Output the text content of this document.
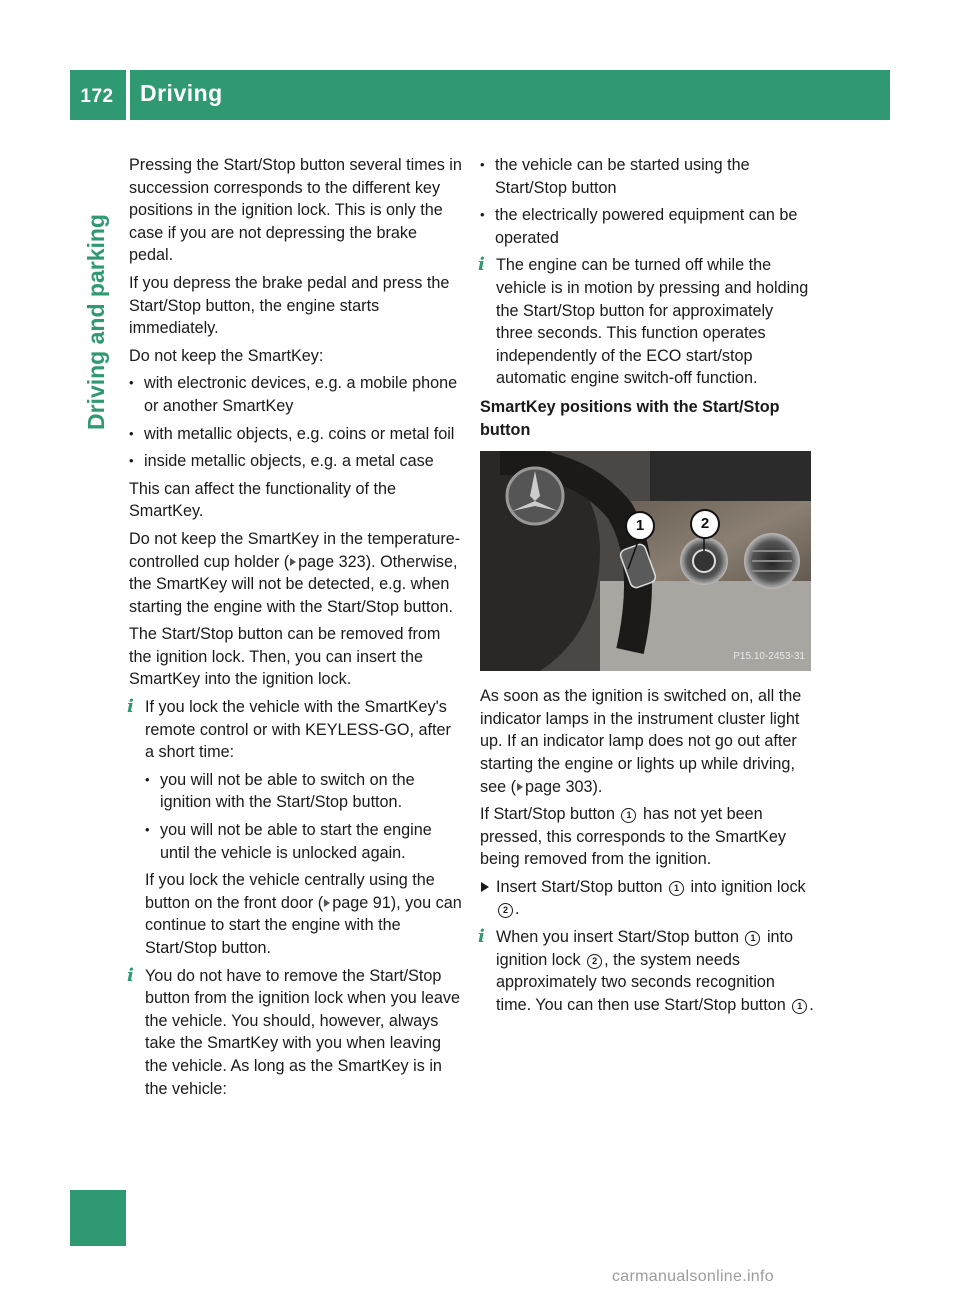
172	Driving
Driving and parking

Pressing the Start/Stop button several times in succession corresponds to the different key positions in the ignition lock. This is only the case if you are not depressing the brake pedal.

If you depress the brake pedal and press the Start/Stop button, the engine starts immediately.

Do not keep the SmartKey:

• with electronic devices, e.g. a mobile phone or another SmartKey
• with metallic objects, e.g. coins or metal foil
• inside metallic objects, e.g. a metal case

This can affect the functionality of the SmartKey.

Do not keep the SmartKey in the temperature-controlled cup holder ( page 323). Otherwise, the SmartKey will not be detected, e.g. when starting the engine with the Start/Stop button.

The Start/Stop button can be removed from the ignition lock. Then, you can insert the SmartKey into the ignition lock.

i If you lock the vehicle with the SmartKey's remote control or with KEYLESS-GO, after a short time:

• you will not be able to switch on the ignition with the Start/Stop button.
• you will not be able to start the engine until the vehicle is unlocked again.

If you lock the vehicle centrally using the button on the front door ( page 91), you can continue to start the engine with the Start/Stop button.

i You do not have to remove the Start/Stop button from the ignition lock when you leave the vehicle. You should, however, always take the SmartKey with you when leaving the vehicle. As long as the SmartKey is in the vehicle:

• the vehicle can be started using the Start/Stop button
• the electrically powered equipment can be operated
i The engine can be turned off while the vehicle is in motion by pressing and holding the Start/Stop button for approximately three seconds. This function operates independently of the ECO start/stop automatic engine switch-off function.

SmartKey positions with the Start/Stop button
1	2
P15.10-2453-31

As soon as the ignition is switched on, all the indicator lamps in the instrument cluster light up. If an indicator lamp does not go out after starting the engine or lights up while driving, see ( page 303).

If Start/Stop button 1 has not yet been pressed, this corresponds to the SmartKey being removed from the ignition.

Insert Start/Stop button 1 into ignition lock 2 .
i When you insert Start/Stop button 1 into ignition lock 2 , the system needs approximately two seconds recognition time. You can then use Start/Stop button 1 .

carmanualsonline.info
